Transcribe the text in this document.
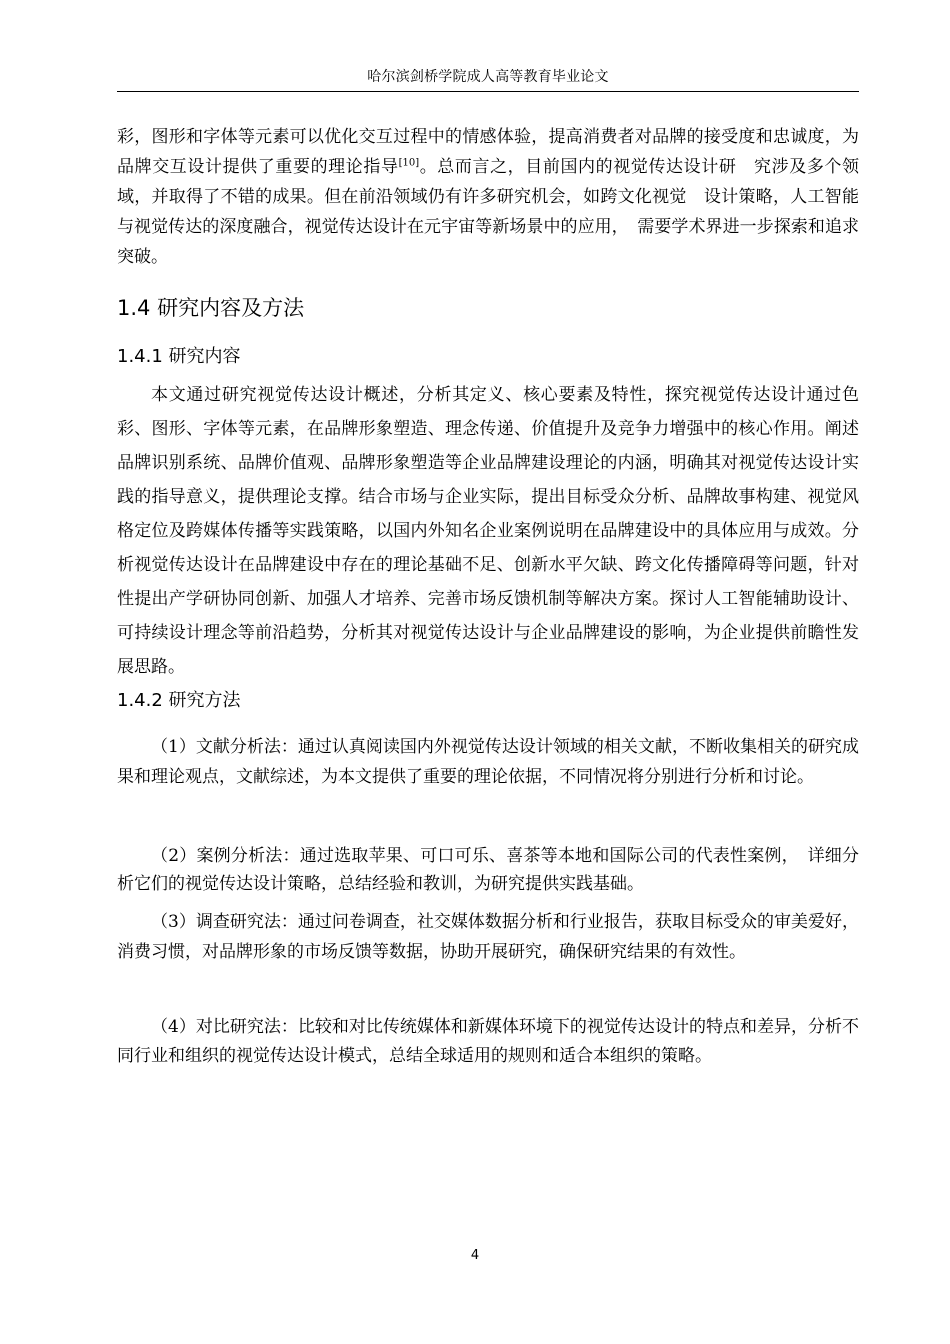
哈尔滨剑桥学院成人高等教育毕业论文
彩，图形和字体等元素可以优化交互过程中的情感体验，提高消费者对品牌的接受度和忠诚度，为品牌交互设计提供了重要的理论指导[10]。总而言之，目前国内的视觉传达设计研　究涉及多个领域，并取得了不错的成果。但在前沿领域仍有许多研究机会，如跨文化视觉　设计策略，人工智能与视觉传达的深度融合，视觉传达设计在元宇宙等新场景中的应用，　需要学术界进一步探索和追求突破。
1.4 研究内容及方法
1.4.1 研究内容
本文通过研究视觉传达设计概述，分析其定义、核心要素及特性，探究视觉传达设计通过色彩、图形、字体等元素，在品牌形象塑造、理念传递、价值提升及竞争力增强中的核心作用。阐述品牌识别系统、品牌价值观、品牌形象塑造等企业品牌建设理论的内涵，明确其对视觉传达设计实践的指导意义，提供理论支撑。结合市场与企业实际，提出目标受众分析、品牌故事构建、视觉风格定位及跨媒体传播等实践策略，以国内外知名企业案例说明在品牌建设中的具体应用与成效。分析视觉传达设计在品牌建设中存在的理论基础不足、创新水平欠缺、跨文化传播障碍等问题，针对性提出产学研协同创新、加强人才培养、完善市场反馈机制等解决方案。探讨人工智能辅助设计、可持续设计理念等前沿趋势，分析其对视觉传达设计与企业品牌建设的影响，为企业提供前瞻性发展思路。
1.4.2 研究方法
（1）文献分析法：通过认真阅读国内外视觉传达设计领域的相关文献，不断收集相关的研究成果和理论观点，文献综述，为本文提供了重要的理论依据，不同情况将分别进行分析和讨论。
（2）案例分析法：通过选取苹果、可口可乐、喜茶等本地和国际公司的代表性案例，　详细分析它们的视觉传达设计策略，总结经验和教训，为研究提供实践基础。
（3）调查研究法：通过问卷调查，社交媒体数据分析和行业报告，获取目标受众的审美爱好，消费习惯，对品牌形象的市场反馈等数据，协助开展研究，确保研究结果的有效性。
（4）对比研究法：比较和对比传统媒体和新媒体环境下的视觉传达设计的特点和差异，分析不同行业和组织的视觉传达设计模式，总结全球适用的规则和适合本组织的策略。
4
